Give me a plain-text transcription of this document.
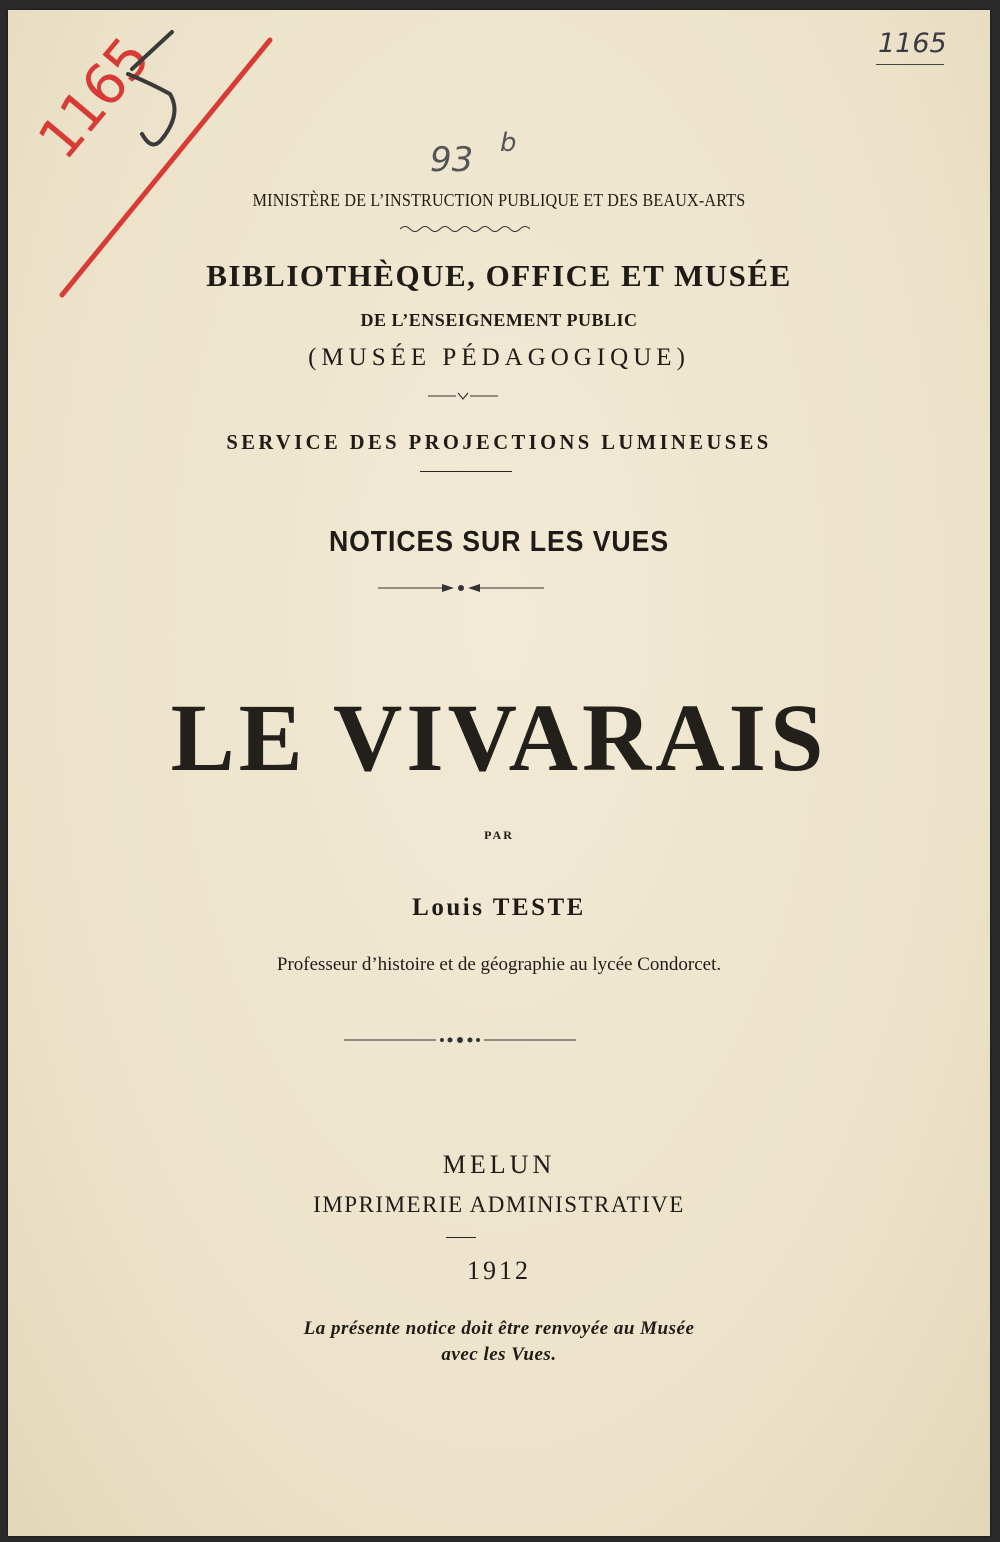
1165
1165	93 b
MINISTÈRE DE L’INSTRUCTION PUBLIQUE ET DES BEAUX-ARTS
BIBLIOTHÈQUE, OFFICE ET MUSÉE
DE L’ENSEIGNEMENT PUBLIC
(MUSÉE PÉDAGOGIQUE)
SERVICE DES PROJECTIONS LUMINEUSES
NOTICES SUR LES VUES
LE VIVARAIS
PAR
Louis TESTE
Professeur d’histoire et de géographie au lycée Condorcet.
MELUN
IMPRIMERIE ADMINISTRATIVE
1912
La présente notice doit être renvoyée au Musée
avec les Vues.
